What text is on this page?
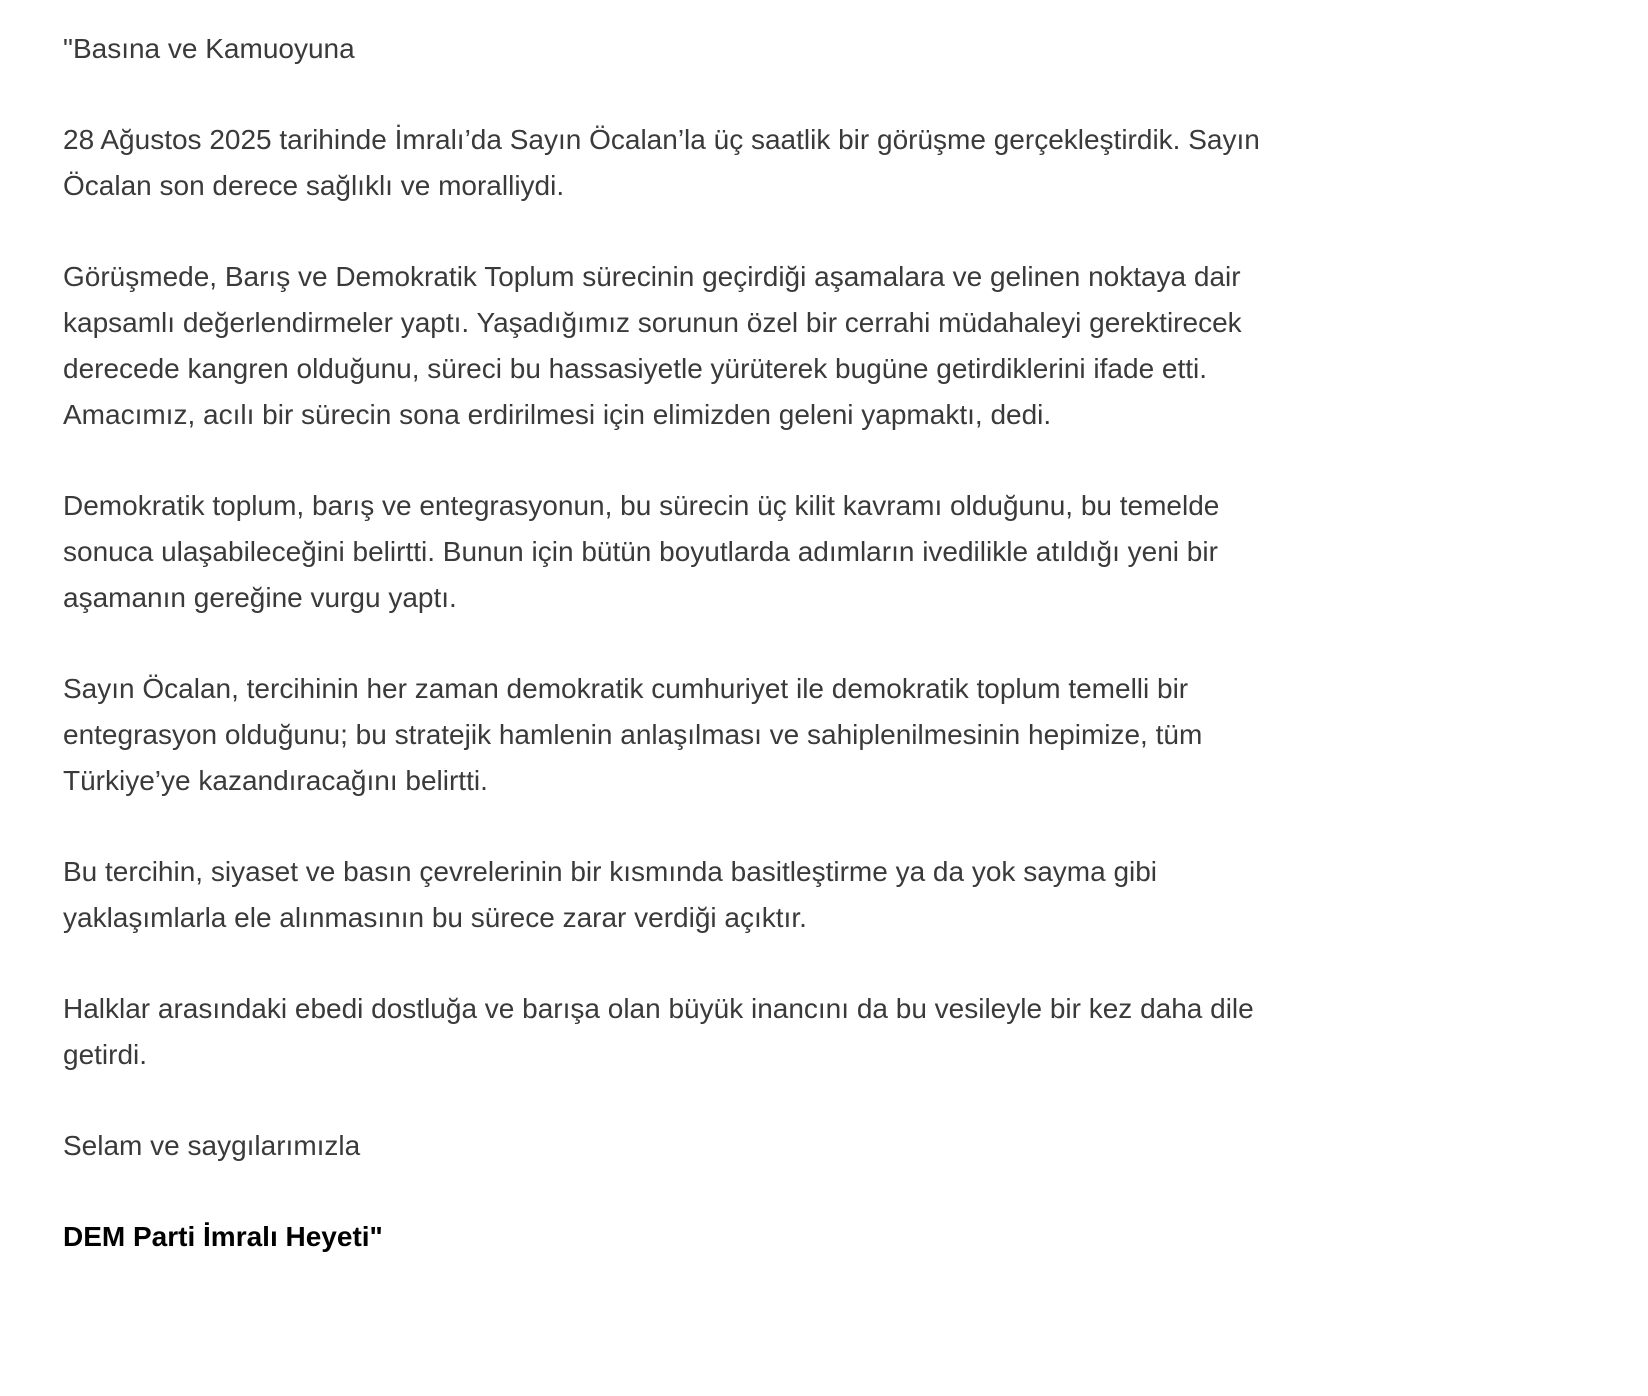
"Basına ve Kamuoyuna

28 Ağustos 2025 tarihinde İmralı’da Sayın Öcalan’la üç saatlik bir görüşme gerçekleştirdik. Sayın
Öcalan son derece sağlıklı ve moralliydi.

Görüşmede, Barış ve Demokratik Toplum sürecinin geçirdiği aşamalara ve gelinen noktaya dair
kapsamlı değerlendirmeler yaptı. Yaşadığımız sorunun özel bir cerrahi müdahaleyi gerektirecek
derecede kangren olduğunu, süreci bu hassasiyetle yürüterek bugüne getirdiklerini ifade etti.
Amacımız, acılı bir sürecin sona erdirilmesi için elimizden geleni yapmaktı, dedi.

Demokratik toplum, barış ve entegrasyonun, bu sürecin üç kilit kavramı olduğunu, bu temelde
sonuca ulaşabileceğini belirtti. Bunun için bütün boyutlarda adımların ivedilikle atıldığı yeni bir
aşamanın gereğine vurgu yaptı.

Sayın Öcalan, tercihinin her zaman demokratik cumhuriyet ile demokratik toplum temelli bir
entegrasyon olduğunu; bu stratejik hamlenin anlaşılması ve sahiplenilmesinin hepimize, tüm
Türkiye’ye kazandıracağını belirtti.

Bu tercihin, siyaset ve basın çevrelerinin bir kısmında basitleştirme ya da yok sayma gibi
yaklaşımlarla ele alınmasının bu sürece zarar verdiği açıktır.

Halklar arasındaki ebedi dostluğa ve barışa olan büyük inancını da bu vesileyle bir kez daha dile
getirdi.

Selam ve saygılarımızla

DEM Parti İmralı Heyeti"
